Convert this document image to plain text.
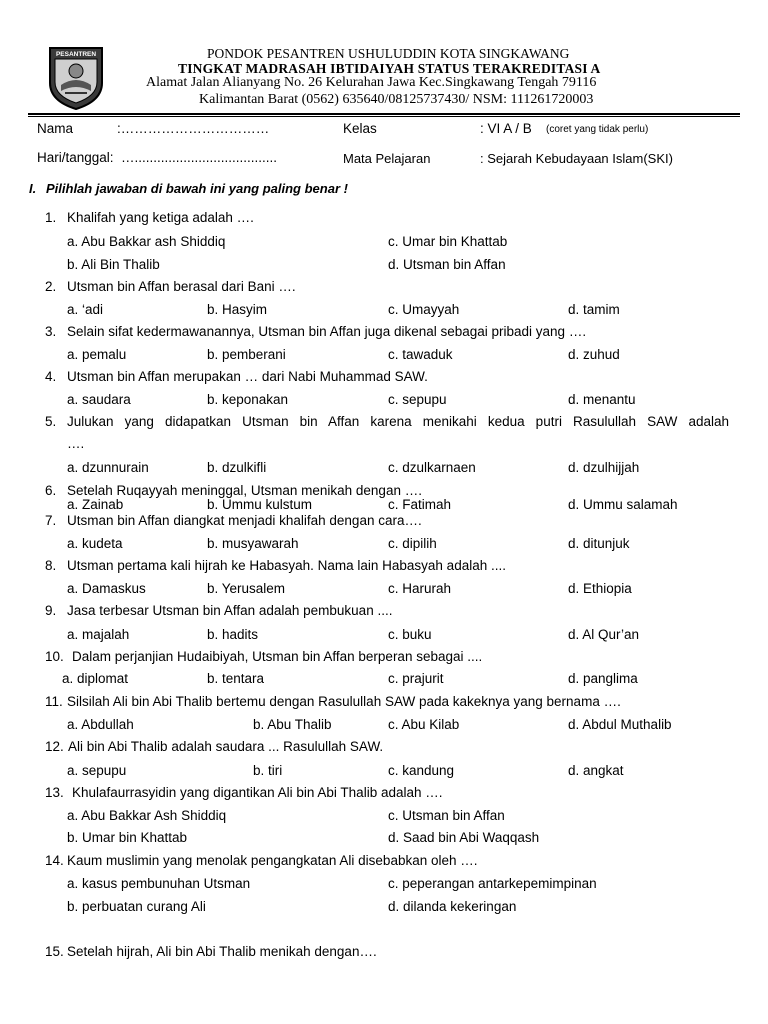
PESANTREN	PONDOK PESANTREN USHULUDDIN KOTA SINGKAWANG
TINGKAT MADRASAH IBTIDAIYAH STATUS TERAKREDITASI A
Alamat Jalan Alianyang No. 26 Kelurahan Jawa Kec.Singkawang Tengah 79116
Kalimantan Barat (0562) 635640/08125737430/ NSM: 111261720003
Nama	:……………………………	Kelas	: VI A / B (coret yang tidak perlu)
Hari/tanggal: …......................................	Mata Pelajaran	: Sejarah Kebudayaan Islam(SKI)
I. Pilihlah jawaban di bawah ini yang paling benar !
1. Khalifah yang ketiga adalah ….
a. Abu Bakkar ash Shiddiq	c. Umar bin Khattab
b. Ali Bin Thalib	d. Utsman bin Affan
2. Utsman bin Affan berasal dari Bani ….
a. ‘adi	b. Hasyim	c. Umayyah	d. tamim
3. Selain sifat kedermawanannya, Utsman bin Affan juga dikenal sebagai pribadi yang ….
a. pemalu	b. pemberani	c. tawaduk	d. zuhud
4. Utsman bin Affan merupakan … dari Nabi Muhammad SAW.
a. saudara	b. keponakan	c. sepupu	d. menantu
5. Julukan yang didapatkan Utsman bin Affan karena menikahi kedua putri Rasulullah SAW adalah
….
a. dzunnurain	b. dzulkifli	c. dzulkarnaen	d. dzulhijjah
6. Setelah Ruqayyah meninggal, Utsman menikah dengan ….
a. Zainab	b. Ummu kulstum	c. Fatimah	d. Ummu salamah
7. Utsman bin Affan diangkat menjadi khalifah dengan cara….
a. kudeta	b. musyawarah	c. dipilih	d. ditunjuk
8. Utsman pertama kali hijrah ke Habasyah. Nama lain Habasyah adalah ....
a. Damaskus	b. Yerusalem	c. Harurah	d. Ethiopia
9. Jasa terbesar Utsman bin Affan adalah pembukuan ....
a. majalah	b. hadits	c. buku	d. Al Qur’an
10. Dalam perjanjian Hudaibiyah, Utsman bin Affan berperan sebagai ....
a. diplomat	b. tentara	c. prajurit	d. panglima
11. Silsilah Ali bin Abi Thalib bertemu dengan Rasulullah SAW pada kakeknya yang bernama ….
a. Abdullah	b. Abu Thalib	c. Abu Kilab	d. Abdul Muthalib
12. Ali bin Abi Thalib adalah saudara ... Rasulullah SAW.
a. sepupu	b. tiri	c. kandung	d. angkat
13. Khulafaurrasyidin yang digantikan Ali bin Abi Thalib adalah ….
a. Abu Bakkar Ash Shiddiq	c. Utsman bin Affan
b. Umar bin Khattab	d. Saad bin Abi Waqqash
14. Kaum muslimin yang menolak pengangkatan Ali disebabkan oleh ….
a. kasus pembunuhan Utsman	c. peperangan antarkepemimpinan
b. perbuatan curang Ali	d. dilanda kekeringan
15. Setelah hijrah, Ali bin Abi Thalib menikah dengan….
